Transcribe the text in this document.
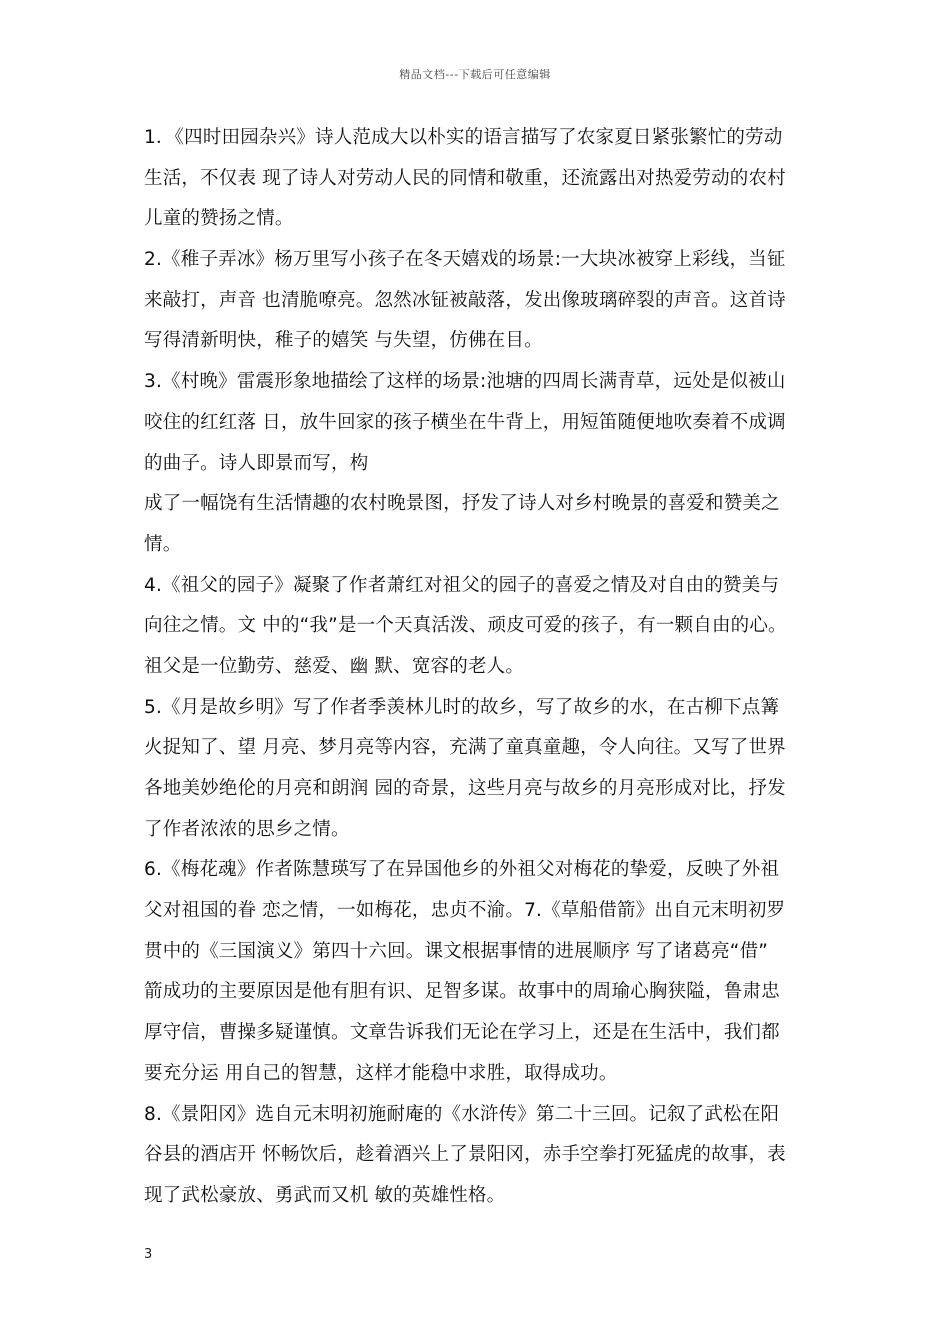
精品文档---下载后可任意编辑
1．《四时田园杂兴》诗人范成大以朴实的语言描写了农家夏日紧张繁忙的劳动
生活，不仅表 现了诗人对劳动人民的同情和敬重，还流露出对热爱劳动的农村
儿童的赞扬之情。
2.《稚子弄冰》杨万里写小孩子在冬天嬉戏的场景:一大块冰被穿上彩线，当钲
来敲打，声音 也清脆嘹亮。忽然冰钲被敲落，发出像玻璃碎裂的声音。这首诗
写得清新明快，稚子的嬉笑 与失望，仿佛在目。
3.《村晚》雷震形象地描绘了这样的场景:池塘的四周长满青草，远处是似被山
咬住的红红落 日，放牛回家的孩子横坐在牛背上，用短笛随便地吹奏着不成调
的曲子。诗人即景而写，构
成了一幅饶有生活情趣的农村晚景图，抒发了诗人对乡村晚景的喜爱和赞美之
情。
4.《祖父的园子》凝聚了作者萧红对祖父的园子的喜爱之情及对自由的赞美与
向往之情。文 中的“我”是一个天真活泼、顽皮可爱的孩子，有一颗自由的心。
祖父是一位勤劳、慈爱、幽 默、宽容的老人。
5.《月是故乡明》写了作者季羡林儿时的故乡，写了故乡的水，在古柳下点篝
火捉知了、望 月亮、梦月亮等内容，充满了童真童趣，令人向往。又写了世界
各地美妙绝伦的月亮和朗润 园的奇景，这些月亮与故乡的月亮形成对比，抒发
了作者浓浓的思乡之情。
6.《梅花魂》作者陈慧瑛写了在异国他乡的外祖父对梅花的挚爱，反映了外祖
父对祖国的眷 恋之情，一如梅花，忠贞不渝。7.《草船借箭》出自元末明初罗
贯中的《三国演义》第四十六回。课文根据事情的进展顺序 写了诸葛亮“借”
箭成功的主要原因是他有胆有识、足智多谋。故事中的周瑜心胸狭隘，鲁肃忠
厚守信，曹操多疑谨慎。文章告诉我们无论在学习上，还是在生活中，我们都
要充分运 用自己的智慧，这样才能稳中求胜，取得成功。
8.《景阳冈》选自元末明初施耐庵的《水浒传》第二十三回。记叙了武松在阳
谷县的酒店开 怀畅饮后，趁着酒兴上了景阳冈，赤手空拳打死猛虎的故事，表
现了武松豪放、勇武而又机 敏的英雄性格。
3
